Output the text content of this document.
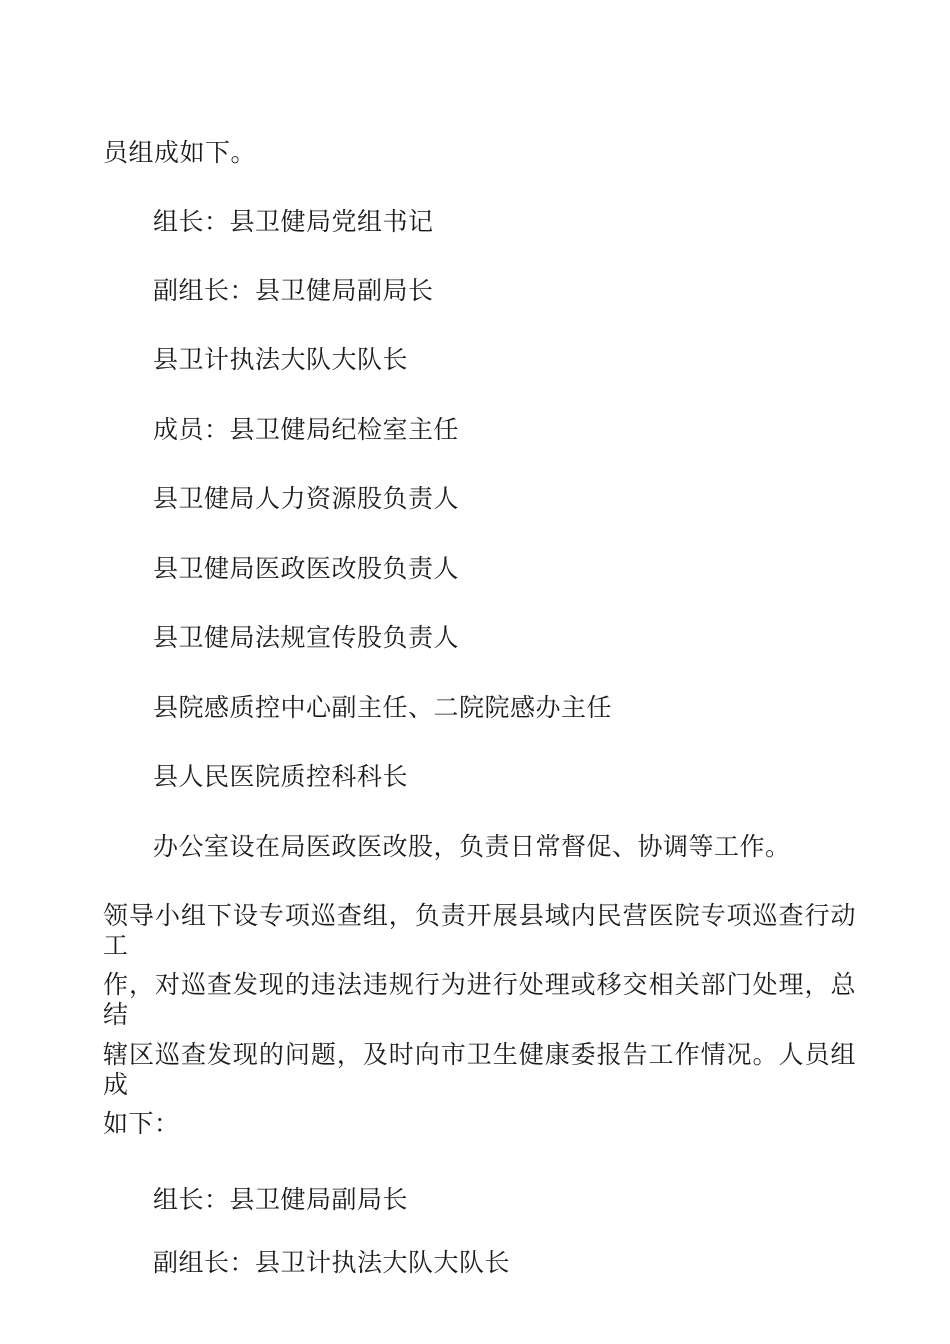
员组成如下。
组长：县卫健局党组书记
副组长：县卫健局副局长
县卫计执法大队大队长
成员：县卫健局纪检室主任
县卫健局人力资源股负责人
县卫健局医政医改股负责人
县卫健局法规宣传股负责人
县院感质控中心副主任、二院院感办主任
县人民医院质控科科长
办公室设在局医政医改股，负责日常督促、协调等工作。
领导小组下设专项巡查组，负责开展县域内民营医院专项巡查行动工
作，对巡查发现的违法违规行为进行处理或移交相关部门处理，总结
辖区巡查发现的问题，及时向市卫生健康委报告工作情况。人员组成
如下：
组长：县卫健局副局长
副组长：县卫计执法大队大队长
